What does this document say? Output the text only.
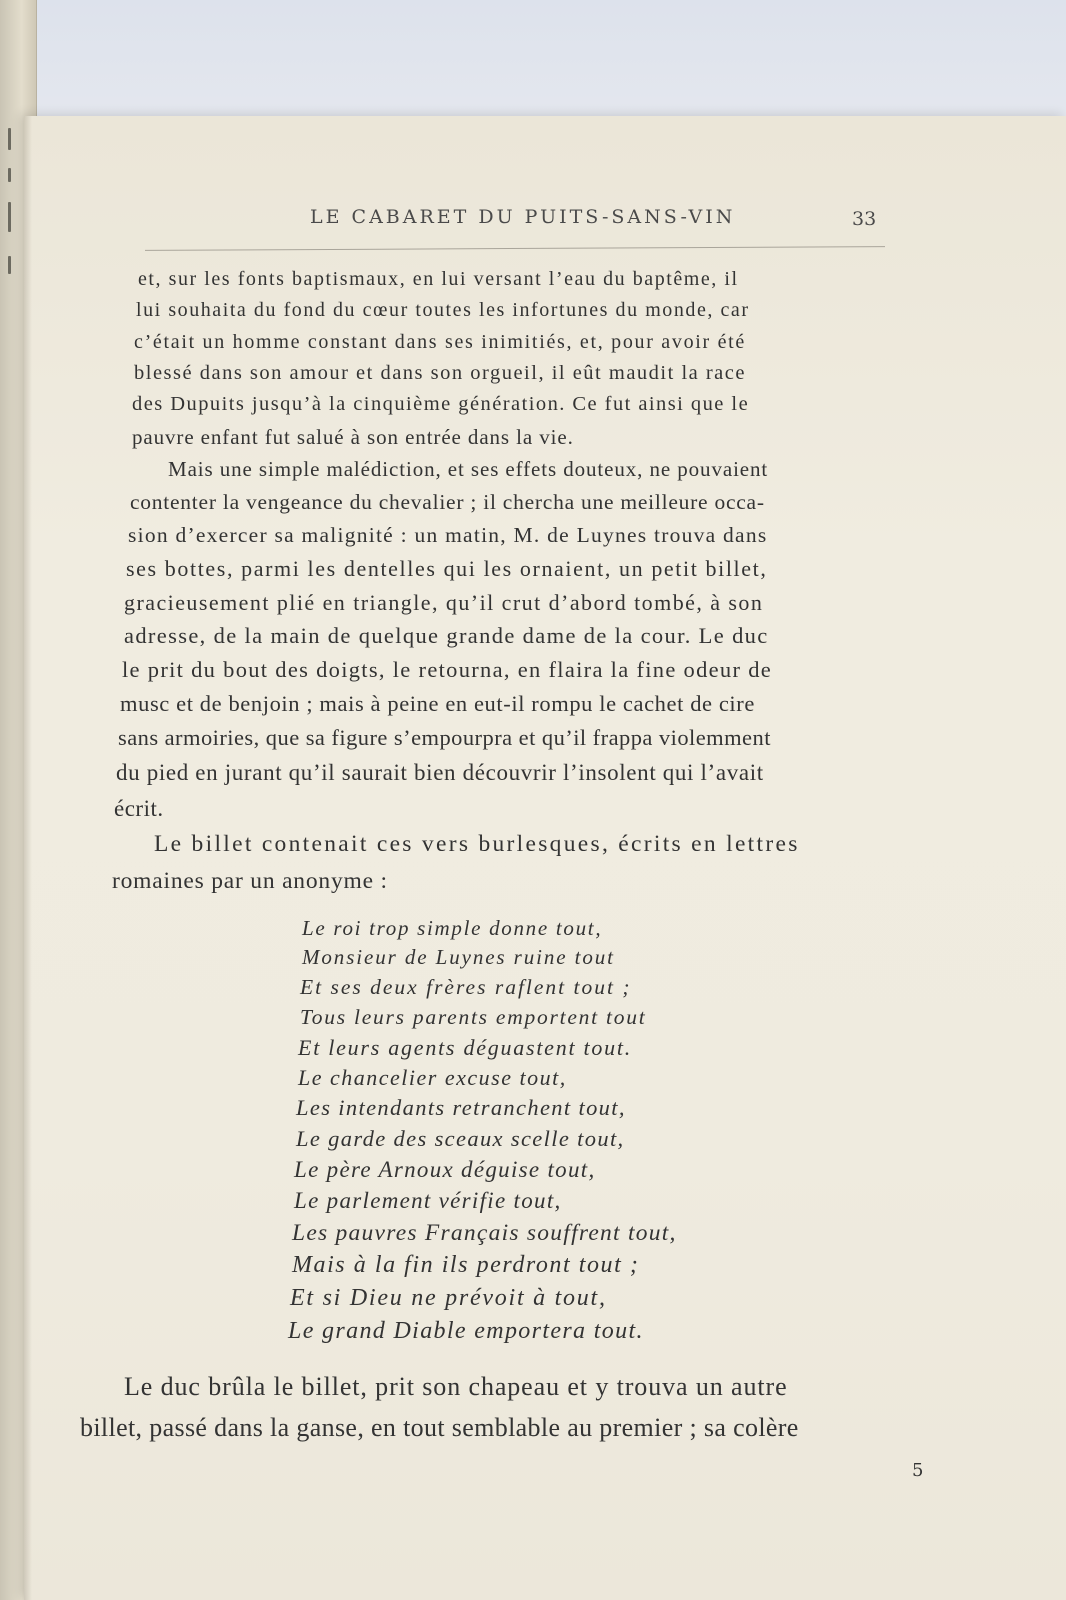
LE CABARET DU PUITS-SANS-VIN	33
et, sur les fonts baptismaux, en lui versant l’eau du baptême, il
lui souhaita du fond du cœur toutes les infortunes du monde, car
c’était un homme constant dans ses inimitiés, et, pour avoir été
blessé dans son amour et dans son orgueil, il eût maudit la race
des Dupuits jusqu’à la cinquième génération. Ce fut ainsi que le
pauvre enfant fut salué à son entrée dans la vie.
Mais une simple malédiction, et ses effets douteux, ne pouvaient
contenter la vengeance du chevalier ; il chercha une meilleure occa-
sion d’exercer sa malignité : un matin, M. de Luynes trouva dans
ses bottes, parmi les dentelles qui les ornaient, un petit billet,
gracieusement plié en triangle, qu’il crut d’abord tombé, à son
adresse, de la main de quelque grande dame de la cour. Le duc
le prit du bout des doigts, le retourna, en flaira la fine odeur de
musc et de benjoin ; mais à peine en eut-il rompu le cachet de cire
sans armoiries, que sa figure s’empourpra et qu’il frappa violemment
du pied en jurant qu’il saurait bien découvrir l’insolent qui l’avait
écrit.
Le billet contenait ces vers burlesques, écrits en lettres
romaines par un anonyme :
Le roi trop simple donne tout,
Monsieur de Luynes ruine tout
Et ses deux frères raflent tout ;
Tous leurs parents emportent tout
Et leurs agents déguastent tout.
Le chancelier excuse tout,
Les intendants retranchent tout,
Le garde des sceaux scelle tout,
Le père Arnoux déguise tout,
Le parlement vérifie tout,
Les pauvres Français souffrent tout,
Mais à la fin ils perdront tout ;
Et si Dieu ne prévoit à tout,
Le grand Diable emportera tout.
Le duc brûla le billet, prit son chapeau et y trouva un autre
billet, passé dans la ganse, en tout semblable au premier ; sa colère
5
